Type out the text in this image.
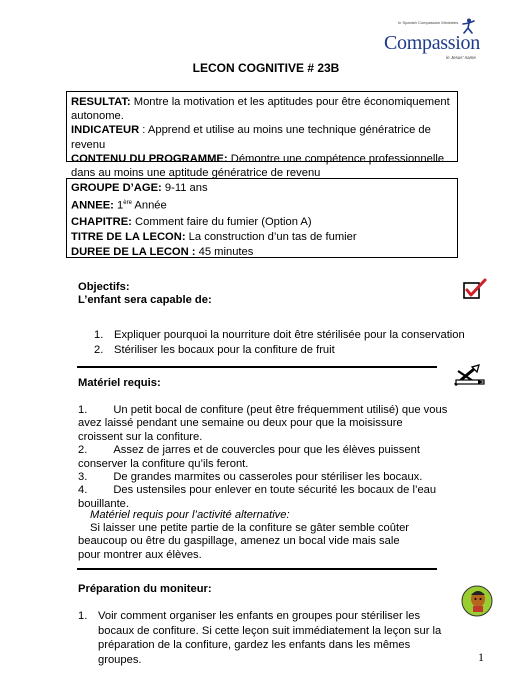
In Spanish Compassion Ministries
Compassion
in Jesus' name
LECON COGNITIVE # 23B

RESULTAT: Montre la motivation et les aptitudes pour être économiquement autonome.

INDICATEUR : Apprend et utilise au moins une technique génératrice de revenu

CONTENU DU PROGRAMME: Démontre une compétence professionnelle dans au moins une aptitude génératrice de revenu

GROUPE D’AGE: 9-11 ans

ANNEE: 1ère Année

CHAPITRE: Comment faire du fumier (Option A)

TITRE DE LA LECON: La construction d’un tas de fumier

DUREE DE LA LECON : 45 minutes

Objectifs:
L’enfant sera capable de:
1. Expliquer pourquoi la nourriture doit être stérilisée pour la conservation
2. Stériliser les bocaux pour la confiture de fruit
Matériel requis:

1. Un petit bocal de confiture (peut être fréquemment utilisé) que vous avez laissé pendant une semaine ou deux pour que la moisissure croissent sur la confiture.

2. Assez de jarres et de couvercles pour que les élèves puissent conserver la confiture qu’ils feront.

3. De grandes marmites ou casseroles pour stériliser les bocaux.

4. Des ustensiles pour enlever en toute sécurité les bocaux de l’eau bouillante.

Matériel requis pour l’activité alternative:
Si laisser une petite partie de la confiture se gâter semble coûter beaucoup ou être du gaspillage, amenez un bocal vide mais sale pour montrer aux élèves.
Préparation du moniteur:
1. Voir comment organiser les enfants en groupes pour stériliser les bocaux de confiture. Si cette leçon suit immédiatement la leçon sur la préparation de la confiture, gardez les enfants dans les mêmes groupes.	1
